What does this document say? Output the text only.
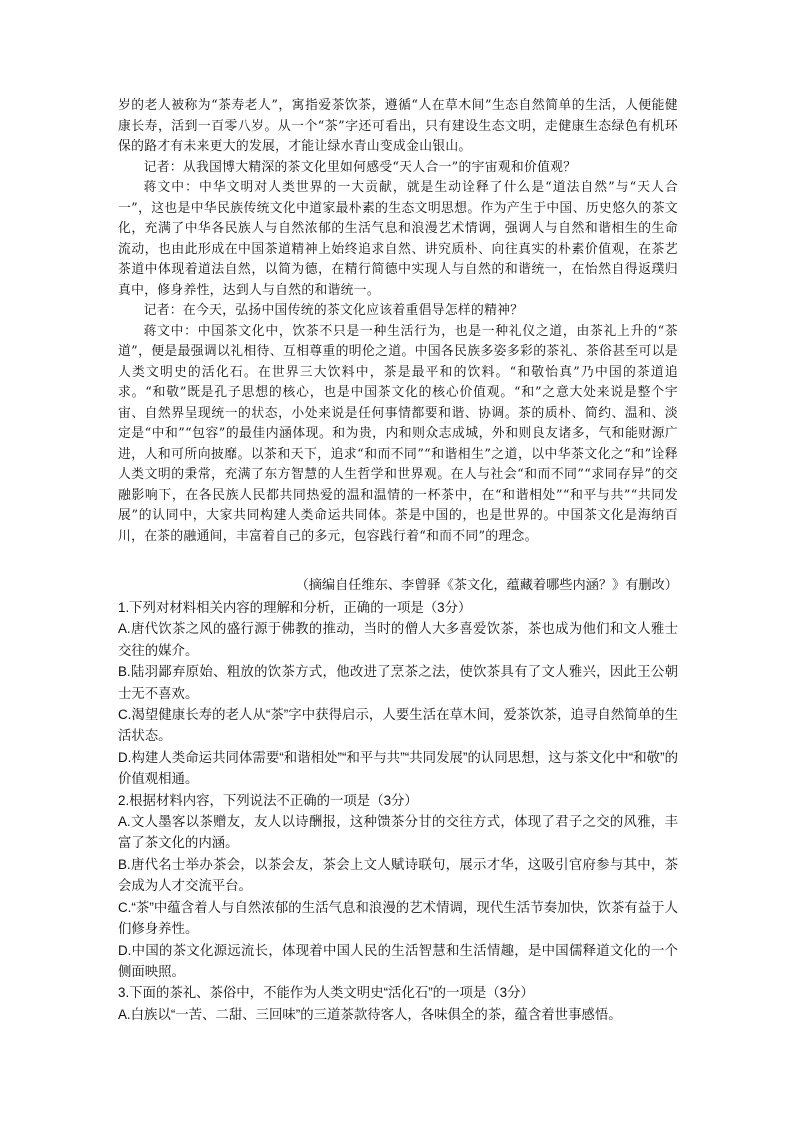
岁的老人被称为“茶寿老人”，寓指爱茶饮茶，遵循“人在草木间”生态自然简单的生活，人便能健康长寿，活到一百零八岁。从一个“茶”字还可看出，只有建设生态文明，走健康生态绿色有机环保的路才有未来更大的发展，才能让绿水青山变成金山银山。

记者：从我国博大精深的茶文化里如何感受“天人合一”的宇宙观和价值观？

蒋文中：中华文明对人类世界的一大贡献，就是生动诠释了什么是“道法自然”与“天人合一”，这也是中华民族传统文化中道家最朴素的生态文明思想。作为产生于中国、历史悠久的茶文化，充满了中华各民族人与自然浓郁的生活气息和浪漫艺术情调，强调人与自然和谐相生的生命流动，也由此形成在中国茶道精神上始终追求自然、讲究质朴、向往真实的朴素价值观，在茶艺茶道中体现着道法自然，以简为德，在精行简德中实现人与自然的和谐统一，在怡然自得返璞归真中，修身养性，达到人与自然的和谐统一。

记者：在今天，弘扬中国传统的茶文化应该着重倡导怎样的精神？

蒋文中：中国茶文化中，饮茶不只是一种生活行为，也是一种礼仪之道，由茶礼上升的“茶道”，便是最强调以礼相待、互相尊重的明伦之道。中国各民族多姿多彩的茶礼、茶俗甚至可以是人类文明史的活化石。在世界三大饮料中，茶是最平和的饮料。“和敬怡真”乃中国的茶道追求。“和敬”既是孔子思想的核心，也是中国茶文化的核心价值观。“和”之意大处来说是整个宇宙、自然界呈现统一的状态，小处来说是任何事情都要和谐、协调。茶的质朴、简约、温和、淡定是“中和”“包容”的最佳内涵体现。和为贵，内和则众志成城，外和则良友诸多，气和能财源广进，人和可所向披靡。以茶和天下，追求“和而不同”“和谐相生”之道，以中华茶文化之“和”诠释人类文明的秉常，充满了东方智慧的人生哲学和世界观。在人与社会“和而不同”“求同存异”的交融影响下，在各民族人民都共同热爱的温和温情的一杯茶中，在“和谐相处”“和平与共”“共同发展”的认同中，大家共同构建人类命运共同体。茶是中国的，也是世界的。中国茶文化是海纳百川，在茶的融通间，丰富着自己的多元，包容践行着“和而不同”的理念。

（摘编自任维东、李曾驿《茶文化，蕴藏着哪些内涵？》有删改）

1.下列对材料相关内容的理解和分析，正确的一项是（3分）

A.唐代饮茶之风的盛行源于佛教的推动，当时的僧人大多喜爱饮茶，茶也成为他们和文人雅士交往的媒介。

B.陆羽鄙弃原始、粗放的饮茶方式，他改进了烹茶之法，使饮茶具有了文人雅兴，因此王公朝士无不喜欢。

C.渴望健康长寿的老人从“茶”字中获得启示，人要生活在草木间，爱茶饮茶，追寻自然简单的生活状态。

D.构建人类命运共同体需要“和谐相处”“和平与共”“共同发展”的认同思想，这与茶文化中“和敬”的价值观相通。

2.根据材料内容，下列说法不正确的一项是（3分）

A.文人墨客以茶赠友，友人以诗酬报，这种馈茶分甘的交往方式，体现了君子之交的风雅，丰富了茶文化的内涵。

B.唐代名士举办茶会，以茶会友，茶会上文人赋诗联句，展示才华，这吸引官府参与其中，茶会成为人才交流平台。

C.“茶”中蕴含着人与自然浓郁的生活气息和浪漫的艺术情调，现代生活节奏加快，饮茶有益于人们修身养性。

D.中国的茶文化源远流长，体现着中国人民的生活智慧和生活情趣，是中国儒释道文化的一个侧面映照。

3.下面的茶礼、茶俗中，不能作为人类文明史“活化石”的一项是（3分）

A.白族以“一苦、二甜、三回味”的三道茶款待客人，各味俱全的茶，蕴含着世事感悟。
